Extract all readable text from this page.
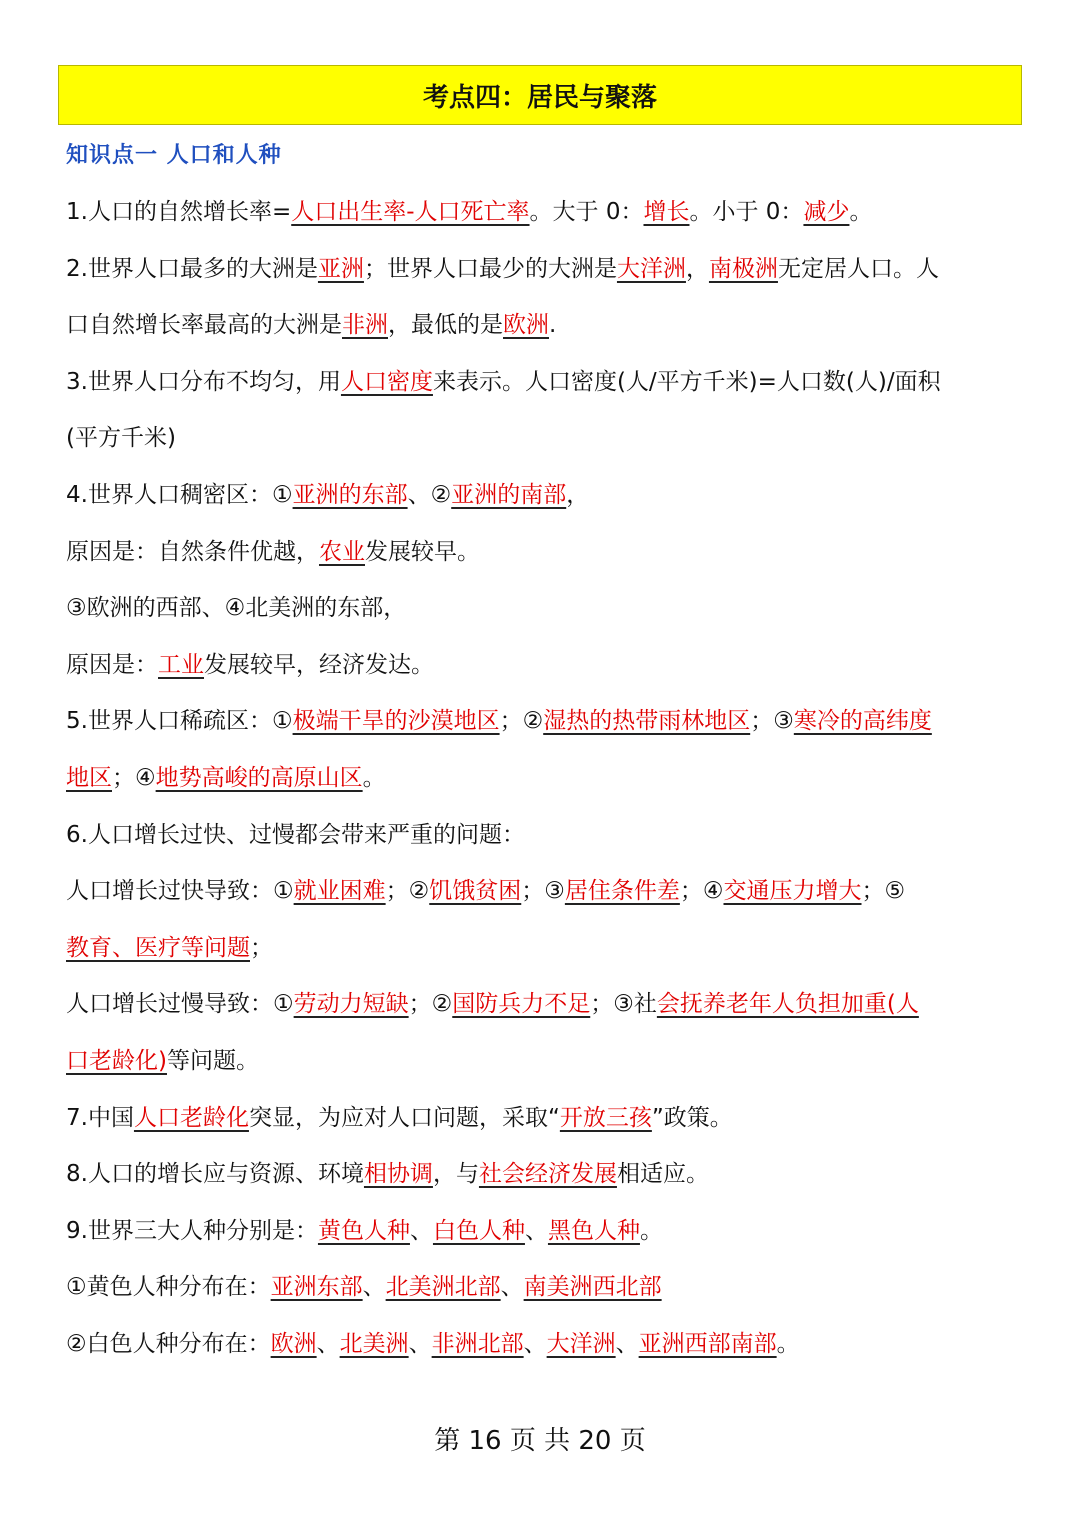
考点四：居民与聚落
知识点一 人口和人种
1.人口的自然增长率=人口出生率-人口死亡率。大于 0：增长。小于 0：减少。
2.世界人口最多的大洲是亚洲；世界人口最少的大洲是大洋洲，南极洲无定居人口。人
口自然增长率最高的大洲是非洲，最低的是欧洲.
3.世界人口分布不均匀，用人口密度来表示。人口密度(人/平方千米)=人口数(人)/面积
(平方千米)
4.世界人口稠密区：①亚洲的东部、②亚洲的南部，
原因是：自然条件优越，农业发展较早。
③欧洲的西部、④北美洲的东部，
原因是：工业发展较早，经济发达。
5.世界人口稀疏区：①极端干旱的沙漠地区；②湿热的热带雨林地区；③寒冷的高纬度
地区；④地势高峻的高原山区。
6.人口增长过快、过慢都会带来严重的问题：
人口增长过快导致：①就业困难；②饥饿贫困；③居住条件差；④交通压力增大；⑤
教育、医疗等问题；
人口增长过慢导致：①劳动力短缺；②国防兵力不足；③社会抚养老年人负担加重(人
口老龄化)等问题。
7.中国人口老龄化突显，为应对人口问题，采取“开放三孩”政策。
8.人口的增长应与资源、环境相协调，与社会经济发展相适应。
9.世界三大人种分别是：黄色人种、白色人种、黑色人种。
①黄色人种分布在：亚洲东部、北美洲北部、南美洲西北部
②白色人种分布在：欧洲、北美洲、非洲北部、大洋洲、亚洲西部南部。
第 16 页 共 20 页
